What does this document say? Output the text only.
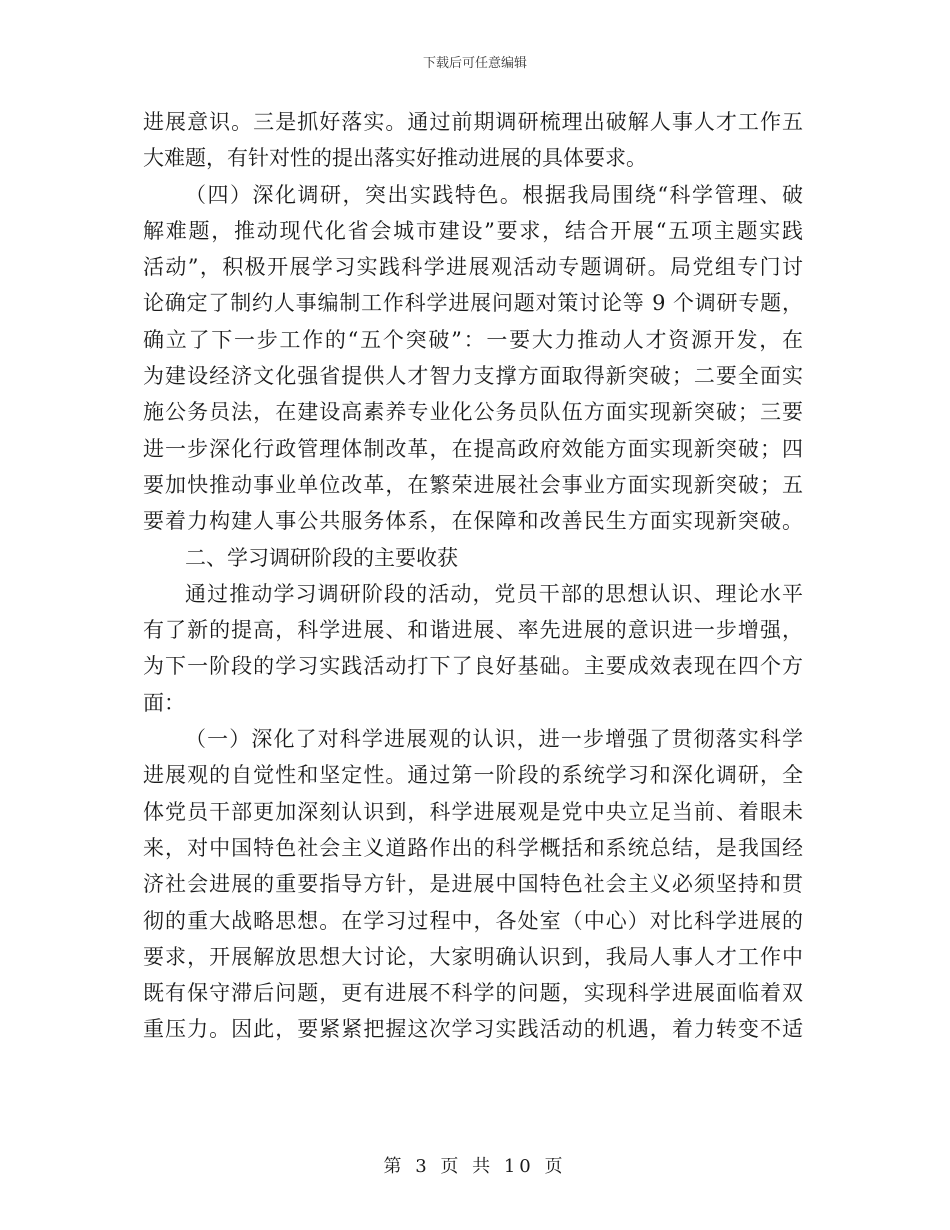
下载后可任意编辑
进展意识。三是抓好落实。通过前期调研梳理出破解人事人才工作五
大难题，有针对性的提出落实好推动进展的具体要求。
（四）深化调研，突出实践特色。根据我局围绕“科学管理、破
解难题，推动现代化省会城市建设”要求，结合开展“五项主题实践
活动”，积极开展学习实践科学进展观活动专题调研。局党组专门讨
论确定了制约人事编制工作科学进展问题对策讨论等 9 个调研专题，
确立了下一步工作的“五个突破”：一要大力推动人才资源开发，在
为建设经济文化强省提供人才智力支撑方面取得新突破；二要全面实
施公务员法，在建设高素养专业化公务员队伍方面实现新突破；三要
进一步深化行政管理体制改革，在提高政府效能方面实现新突破；四
要加快推动事业单位改革，在繁荣进展社会事业方面实现新突破；五
要着力构建人事公共服务体系，在保障和改善民生方面实现新突破。
二、学习调研阶段的主要收获
通过推动学习调研阶段的活动，党员干部的思想认识、理论水平
有了新的提高，科学进展、和谐进展、率先进展的意识进一步增强，
为下一阶段的学习实践活动打下了良好基础。主要成效表现在四个方
面：
（一）深化了对科学进展观的认识，进一步增强了贯彻落实科学
进展观的自觉性和坚定性。通过第一阶段的系统学习和深化调研，全
体党员干部更加深刻认识到，科学进展观是党中央立足当前、着眼未
来，对中国特色社会主义道路作出的科学概括和系统总结，是我国经
济社会进展的重要指导方针，是进展中国特色社会主义必须坚持和贯
彻的重大战略思想。在学习过程中，各处室（中心）对比科学进展的
要求，开展解放思想大讨论，大家明确认识到，我局人事人才工作中
既有保守滞后问题，更有进展不科学的问题，实现科学进展面临着双
重压力。因此，要紧紧把握这次学习实践活动的机遇，着力转变不适
第 3 页 共 10 页
